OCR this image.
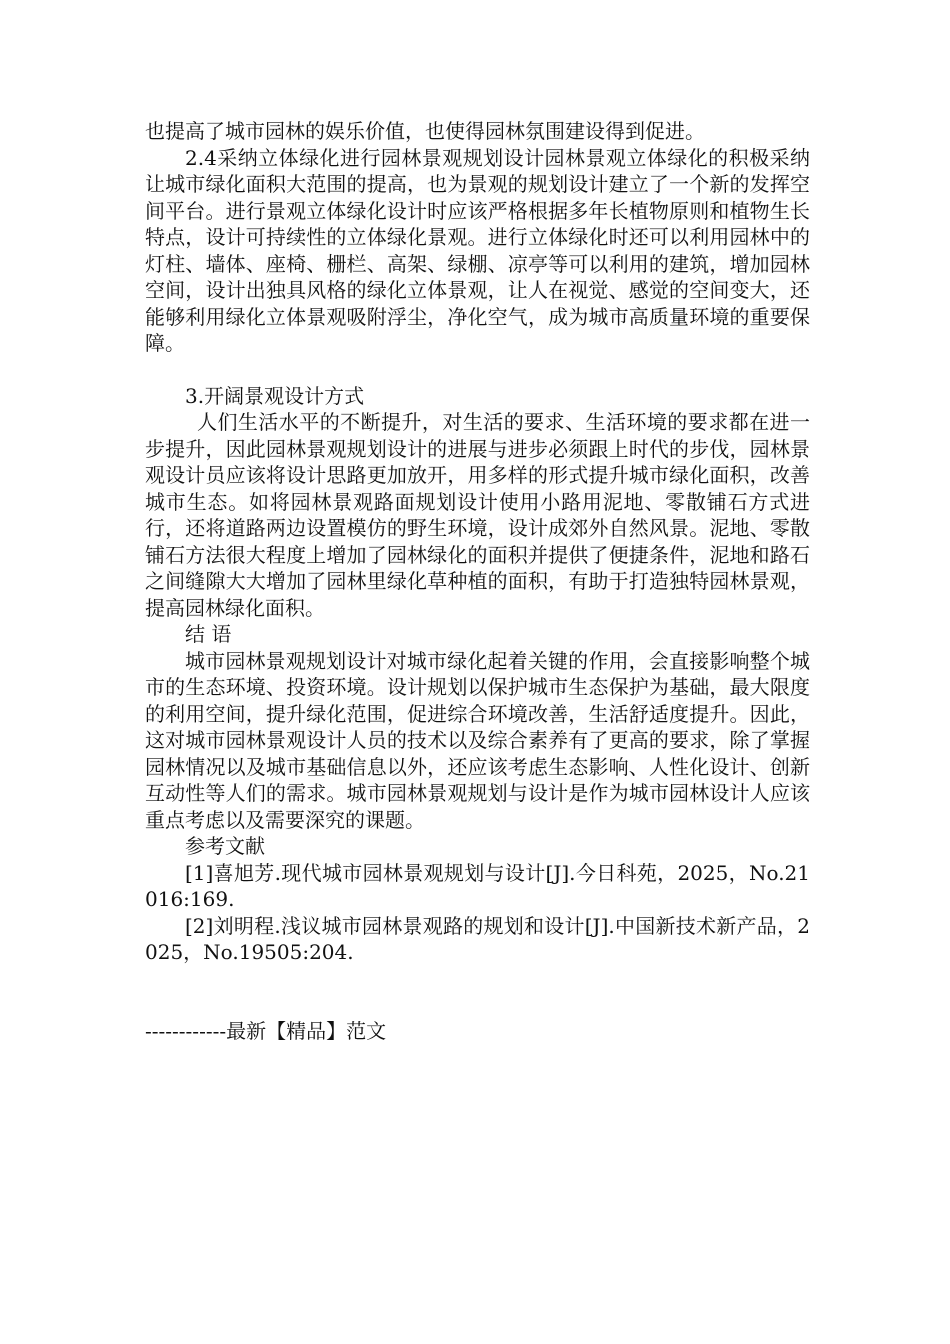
也提高了城市园林的娱乐价值，也使得园林氛围建设得到促进。

2.4采纳立体绿化进行园林景观规划设计园林景观立体绿化的积极采纳让城市绿化面积大范围的提高，也为景观的规划设计建立了一个新的发挥空间平台。进行景观立体绿化设计时应该严格根据多年长植物原则和植物生长特点，设计可持续性的立体绿化景观。进行立体绿化时还可以利用园林中的灯柱、墙体、座椅、栅栏、高架、绿棚、凉亭等可以利用的建筑，增加园林空间，设计出独具风格的绿化立体景观，让人在视觉、感觉的空间变大，还能够利用绿化立体景观吸附浮尘，净化空气，成为城市高质量环境的重要保障。

3.开阔景观设计方式

人们生活水平的不断提升，对生活的要求、生活环境的要求都在进一步提升，因此园林景观规划设计的进展与进步必须跟上时代的步伐，园林景观设计员应该将设计思路更加放开，用多样的形式提升城市绿化面积，改善城市生态。如将园林景观路面规划设计使用小路用泥地、零散铺石方式进行，还将道路两边设置模仿的野生环境，设计成郊外自然风景。泥地、零散铺石方法很大程度上增加了园林绿化的面积并提供了便捷条件，泥地和路石之间缝隙大大增加了园林里绿化草种植的面积，有助于打造独特园林景观，提高园林绿化面积。

结 语

城市园林景观规划设计对城市绿化起着关键的作用，会直接影响整个城市的生态环境、投资环境。设计规划以保护城市生态保护为基础，最大限度的利用空间，提升绿化范围，促进综合环境改善，生活舒适度提升。因此，这对城市园林景观设计人员的技术以及综合素养有了更高的要求，除了掌握园林情况以及城市基础信息以外，还应该考虑生态影响、人性化设计、创新互动性等人们的需求。城市园林景观规划与设计是作为城市园林设计人应该重点考虑以及需要深究的课题。

参考文献

[1]喜旭芳.现代城市园林景观规划与设计[J].今日科苑，2025，No.21016:169.

[2]刘明程.浅议城市园林景观路的规划和设计[J].中国新技术新产品，2025，No.19505:204.

------------最新【精品】范文
